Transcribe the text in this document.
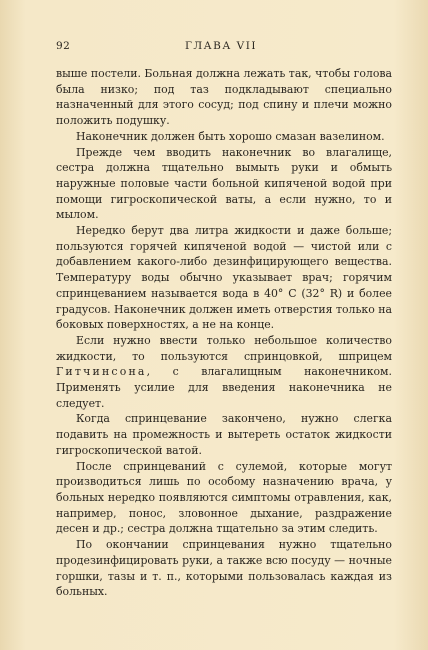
92	ГЛАВА VII

выше постели. Больная должна лежать так, чтобы голова была низко; под таз подкладывают специально назначенный для этого сосуд; под спину и плечи можно положить подушку.

Наконечник должен быть хорошо смазан вазелином.

Прежде чем вводить наконечник во влагалище, сестра должна тщательно вымыть руки и обмыть наружные половые части больной кипяченой водой при помощи гигроскопической ваты, а если нужно, то и мылом.

Нередко берут два литра жидкости и даже больше; пользуются горячей кипяченой водой — чистой или с добавлением какого-либо дезинфицирующего вещества. Температуру воды обычно указывает врач; горячим спринцеванием называется вода в 40° С (32° R) и более градусов. Наконечник должен иметь отверстия только на боковых поверхностях, а не на конце.

Если нужно ввести только небольшое количество жидкости, то пользуются спринцовкой, шприцем Гитчинсона, с влагалищным наконечником. Применять усилие для введения наконечника не следует.

Когда спринцевание закончено, нужно слегка подавить на промежность и вытереть остаток жидкости гигроскопической ватой.

После спринцеваний с сулемой, которые могут производиться лишь по особому назначению врача, у больных нередко появляются симптомы отравления, как, например, понос, зловонное дыхание, раздражение десен и др.; сестра должна тщательно за этим следить.

По окончании спринцевания нужно тщательно продезинфицировать руки, а также всю посуду — ночные горшки, тазы и т. п., которыми пользовалась каждая из больных.
